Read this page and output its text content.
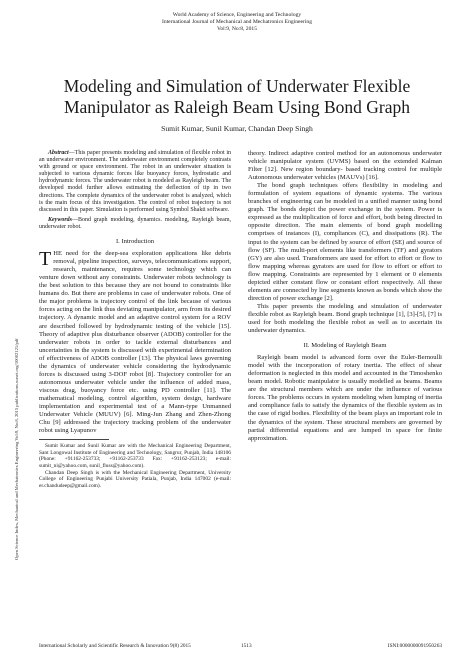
World Academy of Science, Engineering and Technology
International Journal of Mechanical and Mechatronics Engineering
Vol:9, No:8, 2015
Modeling and Simulation of Underwater Flexible Manipulator as Raleigh Beam Using Bond Graph
Sumit Kumar, Sunil Kumar, Chandan Deep Singh
Open Science Index, Mechanical and Mechatronics Engineering Vol:9, No:8, 2015 publications.waset.org/10002121/pdf

Abstract—This paper presents modeling and simulation of flexible robot in an underwater environment. The underwater environment completely contrasts with ground or space environment. The robot in an underwater situation is subjected to various dynamic forces like buoyancy forces, hydrostatic and hydrodynamic forces. The underwater robot is modeled as Rayleigh beam. The developed model further allows estimating the deflection of tip in two directions. The complete dynamics of the underwater robot is analyzed, which is the main focus of this investigation. The control of robot trajectory is not discussed in this paper. Simulation is performed using Symbol Shakti software.

Keywords—Bond graph modeling, dynamics. modeling, Rayleigh beam, underwater robot.

I. Introduction

THE need for the deep-sea exploration applications like debris removal, pipeline inspection, surveys, telecommunications support, research, maintenance, requires some technology which can venture down without any constraints. Underwater robots technology is the best solution to this because they are not bound to constraints like humans do. But there are problems in case of underwater robots. One of the major problems is trajectory control of the link because of various forces acting on the link thus deviating manipulator, arm from its desired trajectory. A dynamic model and an adaptive control system for a ROV are described followed by hydrodynamic testing of the vehicle [15]. Theory of adaptive plus disturbance observer (ADOB) controller for the underwater robots in order to tackle external disturbances and uncertainties in the system is discussed with experimental determination of effectiveness of ADOB controller [13]. The physical laws governing the dynamics of underwater vehicle considering the hydrodynamic forces is discussed using 3-DOF robot [8]. Trajectory controller for an autonomous underwater vehicle under the influence of added mass, viscous drag, buoyancy force etc. using PD controller [11]. The mathematical modeling, control algorithm, system design, hardware implementation and experimental test of a Mann-type Unmanned Underwater Vehicle (MUUV) [6]. Ming-Jun Zhang and Zhen-Zhong Chu [9] addressed the trajectory tracking problem of the underwater robot using Lyapunov

Sumit Kumar and Sunil Kumar are with the Mechanical Engineering Department, Sant Longowal Institute of Engineering and Technology, Sangrur, Punjab, India 148106 (Phone: +91162-253733; +91162-253733 Fax: +91162-253123; e-mail: sumit_ni@yahoo.com, sunil_fluss@yahoo.com).

Chandan Deep Singh is with the Mechanical Engineering Department, University College of Engineering Punjabi University Patiala, Punjab, India 147002 (e-mail: er.chandudeep@gmail.com).

theory. Indirect adaptive control method for an autonomous underwater vehicle manipulator system (UVMS) based on the extended Kalman Filter [12]. New region boundary- based tracking control for multiple Autonomous underwater vehicles (MAUVs) [16].

The bond graph techniques offers flexibility in modeling and formulation of system equations of dynamic systems. The various branches of engineering can be modeled in a unified manner using bond graph. The bonds depict the power exchange in the system. Power is expressed as the multiplication of force and effort, both being directed in opposite direction. The main elements of bond graph modelling comprises of instances (I), compliances (C), and dissipations (R). The input to the system can be defined by source of effort (SE) and source of flow (SF). The multi-port elements like transformers (TF) and gyrators (GY) are also used. Transformers are used for effort to effort or flow to flow mapping whereas gyrators are used for flow to effort or effort to flow mapping. Constraints are represented by 1 element or 0 elements depicted either constant flow or constant effort respectively. All these elements are connected by line segments known as bonds which show the direction of power exchange [2].

This paper presents the modeling and simulation of underwater flexible robot as Rayleigh beam. Bond graph technique [1], [3]-[5], [7] is used for both modeling the flexible robot as well as to ascertain its underwater dynamics.

II. Modeling of Rayleigh Beam

Rayleigh beam model is advanced form over the Euler-Bernoulli model with the incorporation of rotary inertia. The effect of shear deformation is neglected in this model and accounted in the Timoshenko beam model. Robotic manipulator is usually modelled as beams. Beams are the structural members which are under the influence of various forces. The problems occurs in system modeling when lumping of inertia and compliance fails to satisfy the dynamics of the flexible system as in the case of rigid bodies. Flexibility of the beam plays an important role in the dynamics of the system. These structural members are governed by partial differential equations and are lumped in space for finite approximation.

International Scholarly and Scientific Research & Innovation 9(8) 2015	1513	ISNI:0000000091950263
